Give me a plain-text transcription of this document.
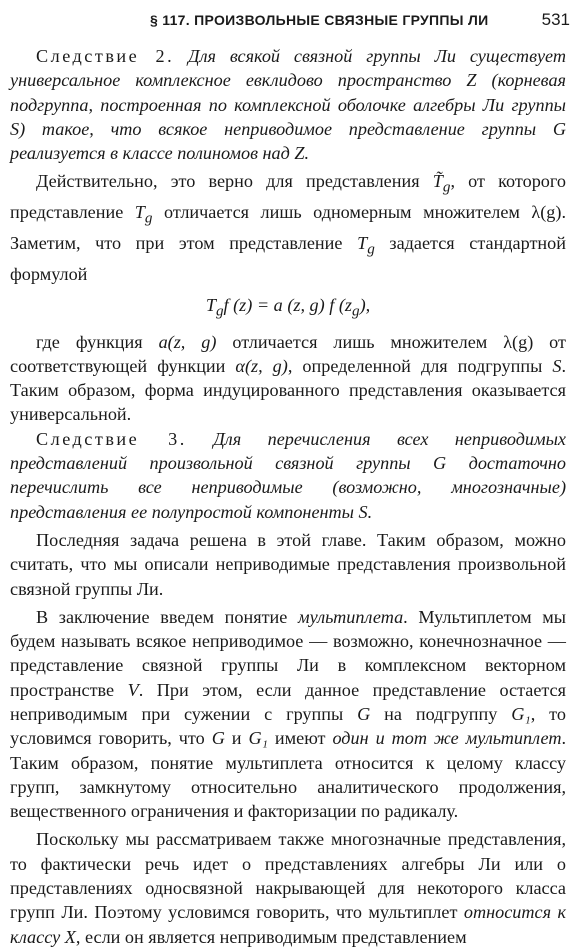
§ 117. ПРОИЗВОЛЬНЫЕ СВЯЗНЫЕ ГРУППЫ ЛИ	531

Следствие 2. Для всякой связной группы Ли существует универсальное комплексное евклидово пространство Z (корневая подгруппа, построенная по комплексной оболочке алгебры Ли группы S) такое, что всякое неприводимое представление группы G реализуется в классе полиномов над Z.

Действительно, это верно для представления $T̃_g$, от которого представление $T_g$ отличается лишь одномерным множителем λ(g). Заметим, что при этом представление $T_g$ задается стандартной формулой

$T_gf$ (z) = a (z, g) f $(z_g)$,

где функция a(z, g) отличается лишь множителем λ(g) от соответствующей функции α(z, g), определенной для подгруппы S. Таким образом, форма индуцированного представления оказывается универсальной.

Следствие 3. Для перечисления всех неприводимых представлений произвольной связной группы G достаточно перечислить все неприводимые (возможно, многозначные) представления ее полупростой компоненты S.

Последняя задача решена в этой главе. Таким образом, можно считать, что мы описали неприводимые представления произвольной связной группы Ли.

В заключение введем понятие мультиплета. Мультиплетом мы будем называть всякое неприводимое — возможно, конечнозначное — представление связной группы Ли в комплексном векторном пространстве V. При этом, если данное представление остается неприводимым при сужении с группы G на подгруппу G₁, то условимся говорить, что G и G₁ имеют один и тот же мультиплет. Таким образом, понятие мультиплета относится к целому классу групп, замкнутому относительно аналитического продолжения, вещественного ограничения и факторизации по радикалу.

Поскольку мы рассматриваем также многозначные представления, то фактически речь идет о представлениях алгебры Ли или о представлениях односвязной накрывающей для некоторого класса групп Ли. Поэтому условимся говорить, что мультиплет относится к классу X, если он является неприводимым представлением
